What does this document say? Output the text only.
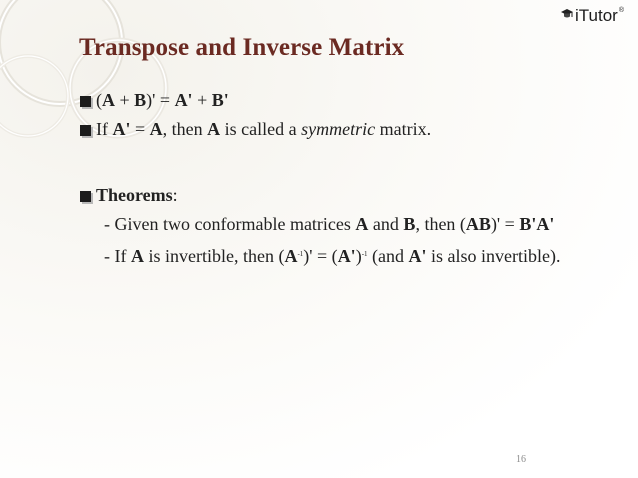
iTutor ®
Transpose and Inverse Matrix
(A + B)' = A' + B'
If A' = A, then A is called a symmetric matrix.
Theorems:
- Given two conformable matrices A and B, then (AB)' = B'A'
- If A is invertible, then $(A^{-1})' = (A')^{-1}$ (and A' is also invertible).
16
